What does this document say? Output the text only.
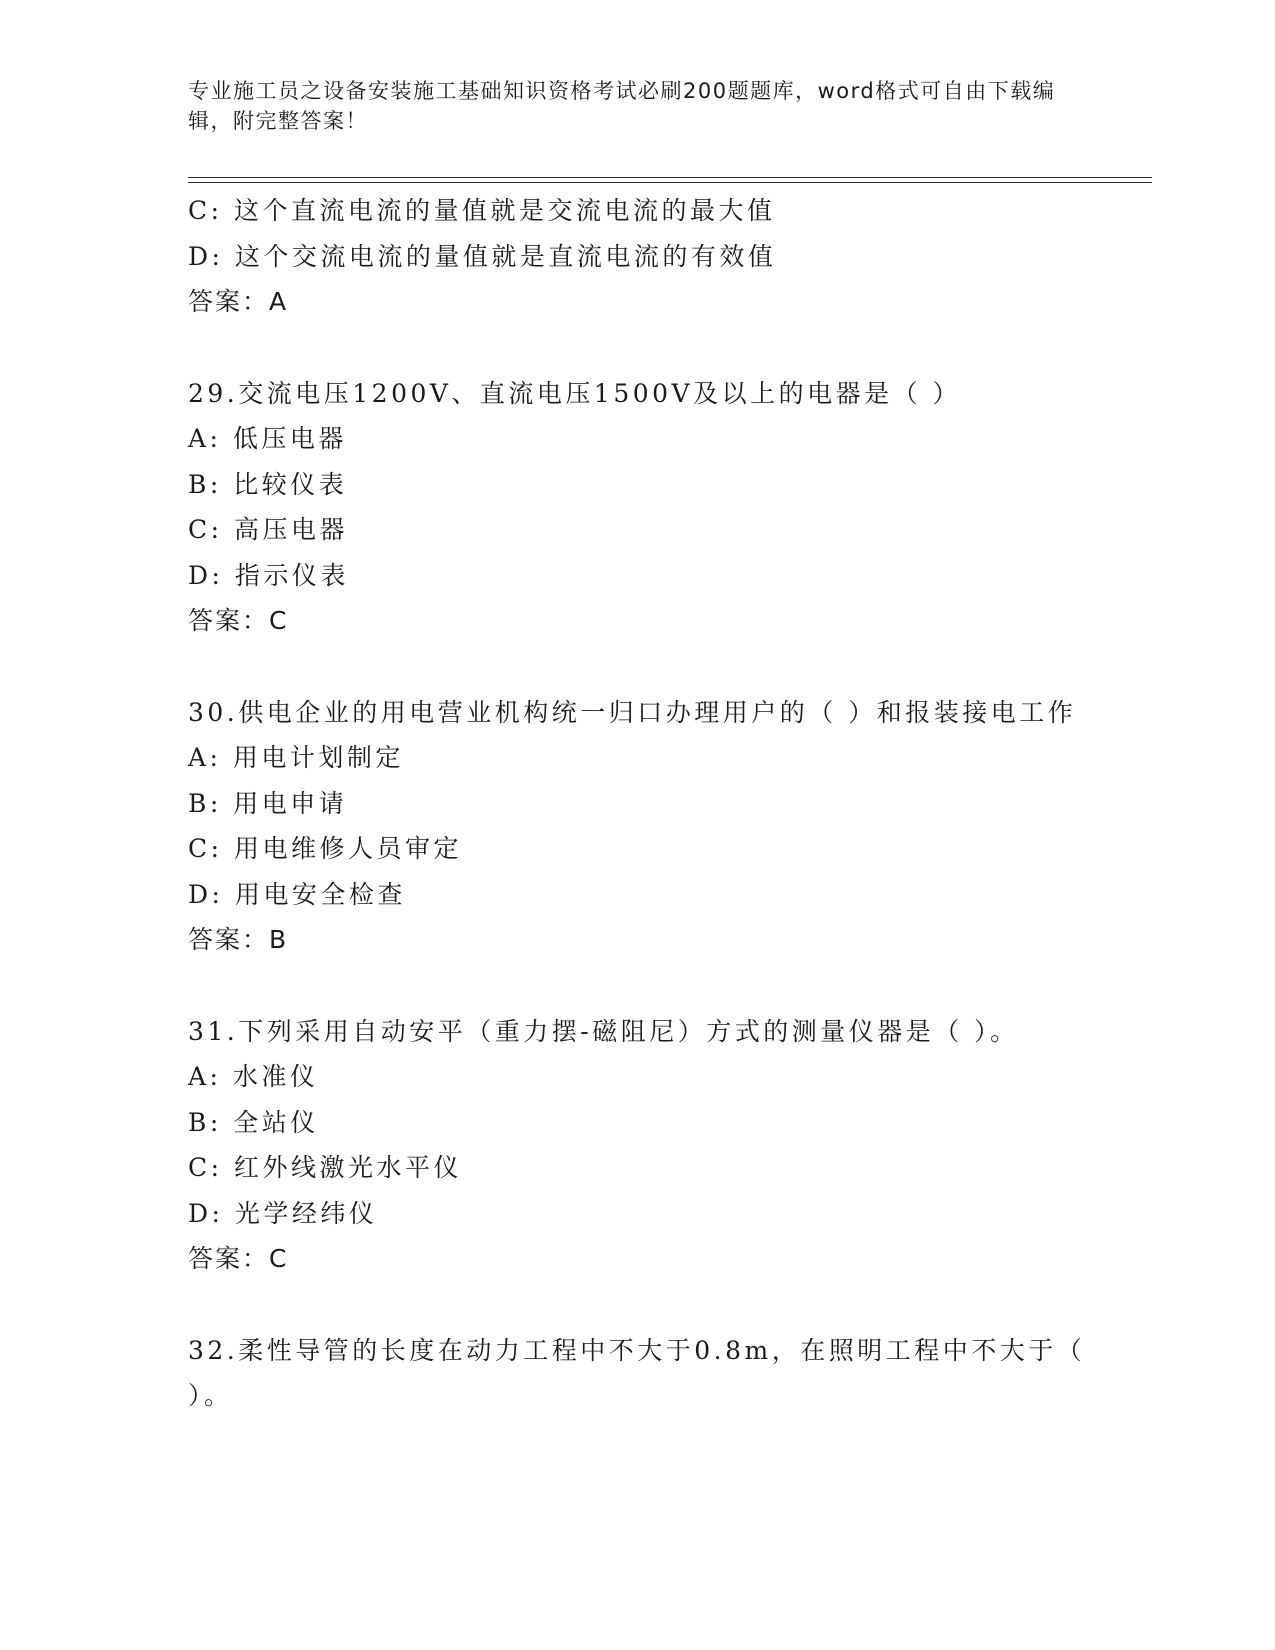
专业施工员之设备安装施工基础知识资格考试必刷200题题库，word格式可自由下载编辑，附完整答案！
C: 这个直流电流的量值就是交流电流的最大值
D: 这个交流电流的量值就是直流电流的有效值
答案：A
29.交流电压1200V、直流电压1500V及以上的电器是（ ）
A: 低压电器
B: 比较仪表
C: 高压电器
D: 指示仪表
答案：C
30.供电企业的用电营业机构统一归口办理用户的（ ）和报装接电工作
A: 用电计划制定
B: 用电申请
C: 用电维修人员审定
D: 用电安全检查
答案：B
31.下列采用自动安平（重力摆-磁阻尼）方式的测量仪器是（ ）。
A: 水准仪
B: 全站仪
C: 红外线激光水平仪
D: 光学经纬仪
答案：C
32.柔性导管的长度在动力工程中不大于0.8m，在照明工程中不大于（ ）。
